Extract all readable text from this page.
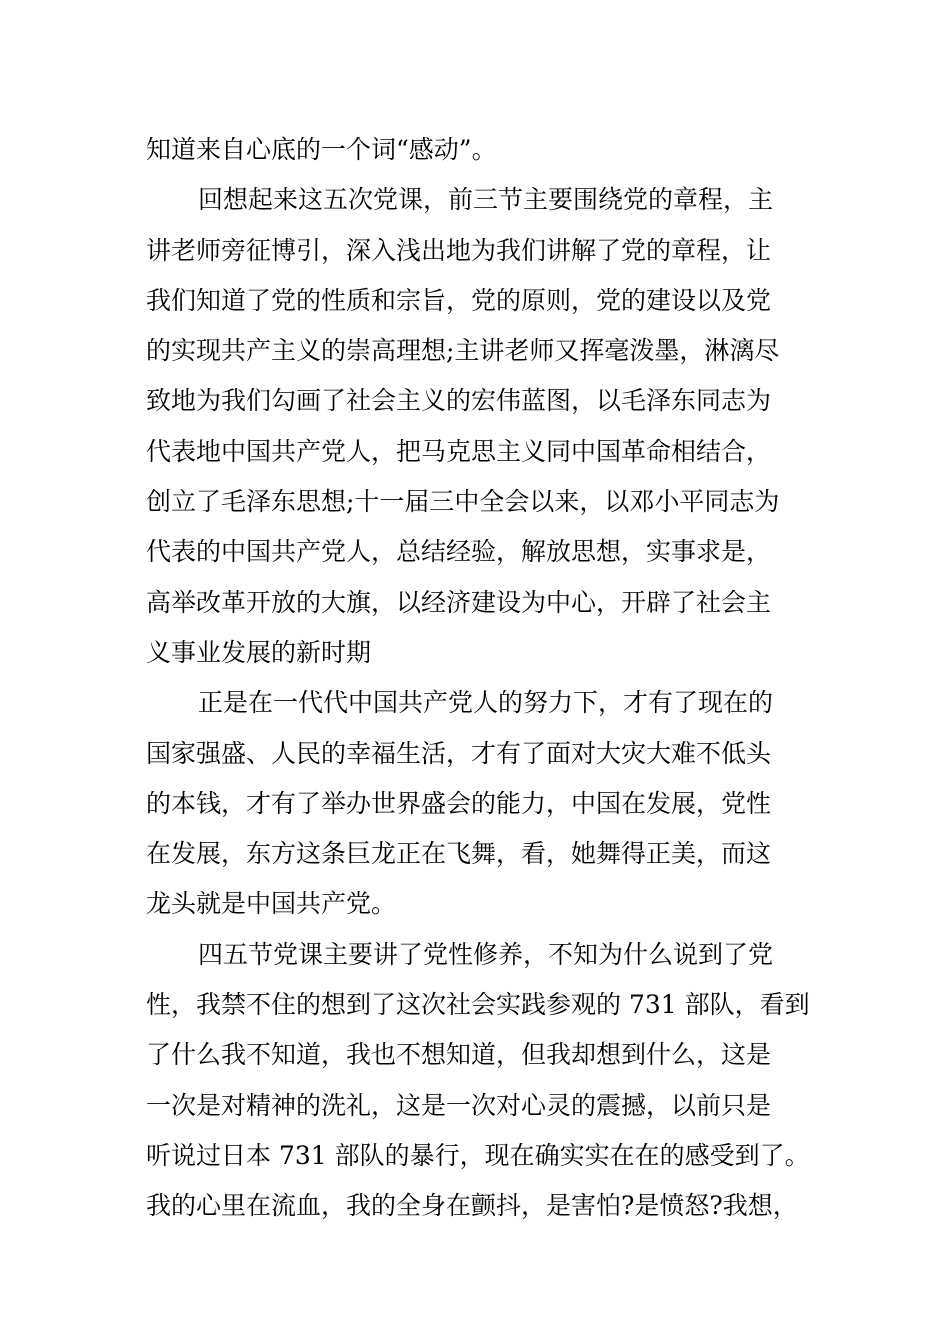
知道来自心底的一个词“感动”。
回想起来这五次党课，前三节主要围绕党的章程，主
讲老师旁征博引，深入浅出地为我们讲解了党的章程，让
我们知道了党的性质和宗旨，党的原则，党的建设以及党
的实现共产主义的崇高理想;主讲老师又挥毫泼墨，淋漓尽
致地为我们勾画了社会主义的宏伟蓝图，以毛泽东同志为
代表地中国共产党人，把马克思主义同中国革命相结合，
创立了毛泽东思想;十一届三中全会以来，以邓小平同志为
代表的中国共产党人，总结经验，解放思想，实事求是，
高举改革开放的大旗，以经济建设为中心，开辟了社会主
义事业发展的新时期
正是在一代代中国共产党人的努力下，才有了现在的
国家强盛、人民的幸福生活，才有了面对大灾大难不低头
的本钱，才有了举办世界盛会的能力，中国在发展，党性
在发展，东方这条巨龙正在飞舞，看，她舞得正美，而这
龙头就是中国共产党。
四五节党课主要讲了党性修养，不知为什么说到了党
性，我禁不住的想到了这次社会实践参观的 731 部队，看到
了什么我不知道，我也不想知道，但我却想到什么，这是
一次是对精神的洗礼，这是一次对心灵的震撼，以前只是
听说过日本 731 部队的暴行，现在确实实在在的感受到了。
我的心里在流血，我的全身在颤抖，是害怕?是愤怒?我想，
